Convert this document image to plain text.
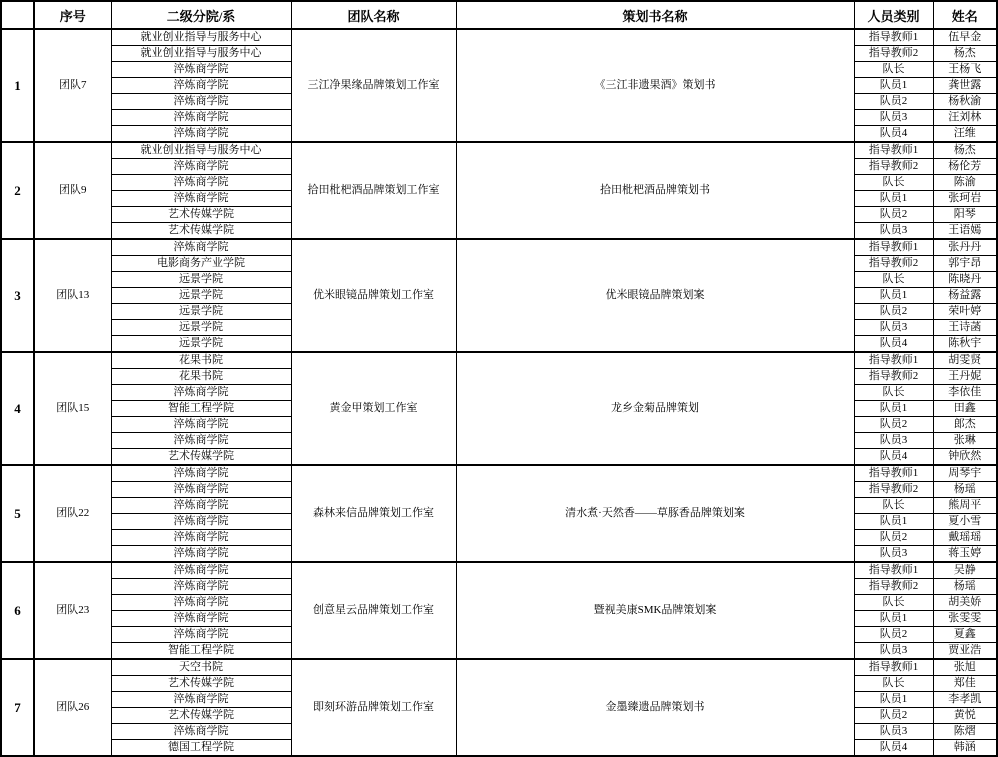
	序号	二级分院/系	团队名称	策划书名称	人员类别	姓名
1	团队7	就业创业指导与服务中心	三江净果缘品牌策划工作室	《三江非遗果酒》策划书	指导教师1	伍早金
		就业创业指导与服务中心			指导教师2	杨杰
		淬炼商学院			队长	王杨飞
		淬炼商学院			队员1	龚世露
		淬炼商学院			队员2	杨秋渝
		淬炼商学院			队员3	汪刘林
		淬炼商学院			队员4	汪维
2	团队9	就业创业指导与服务中心	拾田枇杷酒品牌策划工作室	拾田枇杷酒品牌策划书	指导教师1	杨杰
		淬炼商学院			指导教师2	杨伦芳
		淬炼商学院			队长	陈渝
		淬炼商学院			队员1	张珂岩
		艺术传媒学院			队员2	阳琴
		艺术传媒学院			队员3	王语嫣
3	团队13	淬炼商学院	优米眼镜品牌策划工作室	优米眼镜品牌策划案	指导教师1	张丹丹
		电影商务产业学院			指导教师2	郭宇昂
		远景学院			队长	陈晓丹
		远景学院			队员1	杨益露
		远景学院			队员2	荣叶婷
		远景学院			队员3	王诗菡
		远景学院			队员4	陈秋宇
4	团队15	花果书院	黄金甲策划工作室	龙乡金菊品牌策划	指导教师1	胡雯贤
		花果书院			指导教师2	王丹妮
		淬炼商学院			队长	李依佳
		智能工程学院			队员1	田鑫
		淬炼商学院			队员2	郎杰
		淬炼商学院			队员3	张琳
		艺术传媒学院			队员4	钟欣然
5	团队22	淬炼商学院	森林来信品牌策划工作室	清水煮·天然香——草豚香品牌策划案	指导教师1	周琴宇
		淬炼商学院			指导教师2	杨瑶
		淬炼商学院			队长	熊周平
		淬炼商学院			队员1	夏小雪
		淬炼商学院			队员2	戴瑶瑶
		淬炼商学院			队员3	蒋玉婷
6	团队23	淬炼商学院	创意星云品牌策划工作室	暨视美康SMK品牌策划案	指导教师1	吴静
		淬炼商学院			指导教师2	杨瑶
		淬炼商学院			队长	胡美娇
		淬炼商学院			队员1	张雯雯
		淬炼商学院			队员2	夏鑫
		智能工程学院			队员3	贾亚浩
7	团队26	天空书院	即刻环游品牌策划工作室	金墨臻遗品牌策划书	指导教师1	张旭
		艺术传媒学院			队长	郑佳
		淬炼商学院			队员1	李孝凯
		艺术传媒学院			队员2	黄悦
		淬炼商学院			队员3	陈熠
		德国工程学院			队员4	韩涵
